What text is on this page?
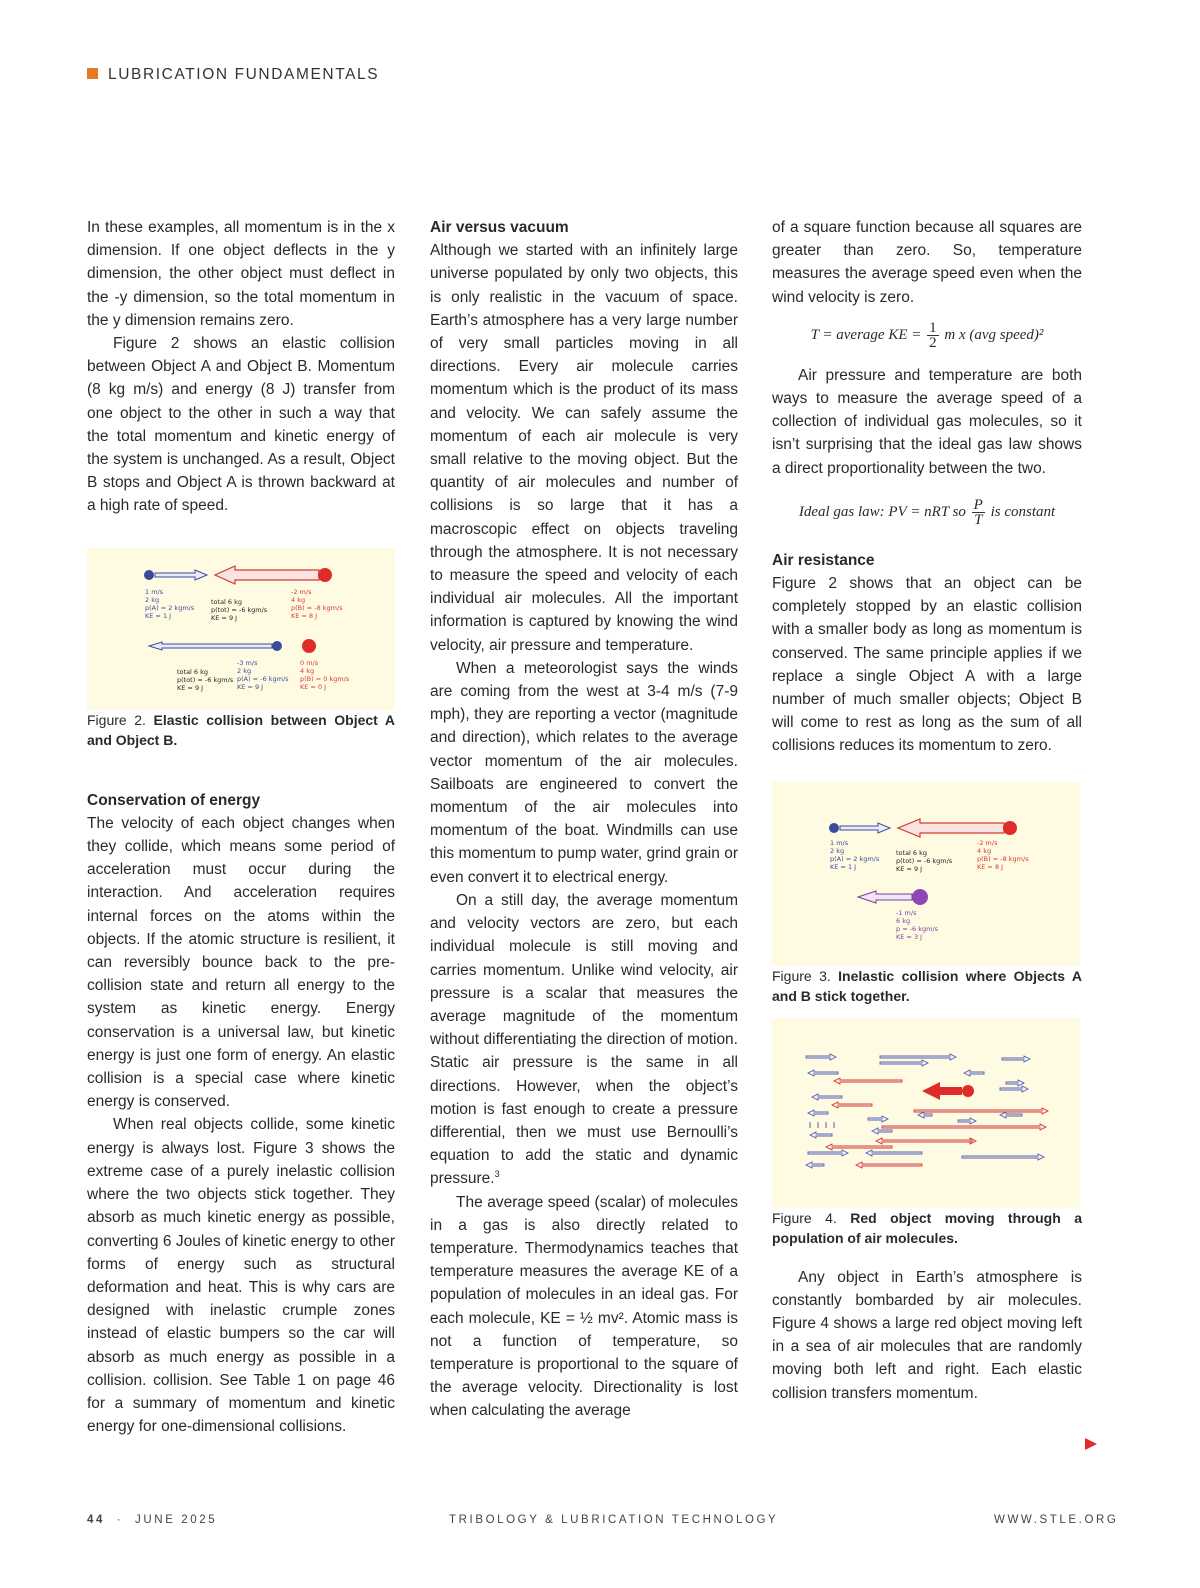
LUBRICATION FUNDAMENTALS

In these examples, all momentum is in the x dimension. If one object deflects in the y dimension, the other object must deflect in the -y dimension, so the total momentum in the y dimension remains zero.

Figure 2 shows an elastic collision between Object A and Object B. Momentum (8 kg m/s) and energy (8 J) transfer from one object to the other in such a way that the total momentum and kinetic energy of the system is unchanged. As a result, Object B stops and Object A is thrown backward at a high rate of speed.

1 m/s
2 kg
p(A) = 2 kgm/s
KE = 1 J
total 6 kg
p(tot) = -6 kgm/s
KE = 9 J
-2 m/s
4 kg
p(B) = -8 kgm/s
KE = 8 J
total 6 kg
p(tot) = -6 kgm/s
KE = 9 J
-3 m/s
2 kg
p(A) = -6 kgm/s
KE = 9 J
0 m/s
4 kg
p(B) = 0 kgm/s
KE = 0 J

Figure 2. Elastic collision between Object A and Object B.

Conservation of energy

The velocity of each object changes when they collide, which means some period of acceleration must occur during the interaction. And acceleration requires internal forces on the atoms within the objects. If the atomic structure is resilient, it can reversibly bounce back to the pre-collision state and return all energy to the system as kinetic energy. Energy conservation is a universal law, but kinetic energy is just one form of energy. An elastic collision is a special case where kinetic energy is conserved.

When real objects collide, some kinetic energy is always lost. Figure 3 shows the extreme case of a purely inelastic collision where the two objects stick together. They absorb as much kinetic energy as possible, converting 6 Joules of kinetic energy to other forms of energy such as structural deformation and heat. This is why cars are designed with inelastic crumple zones instead of elastic bumpers so the car will absorb as much energy as possible in a collision. collision. See Table 1 on page 46 for a summary of momentum and kinetic energy for one-dimensional collisions.

Air versus vacuum

Although we started with an infinitely large universe populated by only two objects, this is only realistic in the vacuum of space. Earth’s atmosphere has a very large number of very small particles moving in all directions. Every air molecule carries momentum which is the product of its mass and velocity. We can safely assume the momentum of each air molecule is very small relative to the moving object. But the quantity of air molecules and number of collisions is so large that it has a macroscopic effect on objects traveling through the atmosphere. It is not necessary to measure the speed and velocity of each individual air molecules. All the important information is captured by knowing the wind velocity, air pressure and temperature.

When a meteorologist says the winds are coming from the west at 3-4 m/s (7-9 mph), they are reporting a vector (magnitude and direction), which relates to the average vector momentum of the air molecules. Sailboats are engineered to convert the momentum of the air molecules into momentum of the boat. Windmills can use this momentum to pump water, grind grain or even convert it to electrical energy.

On a still day, the average momentum and velocity vectors are zero, but each individual molecule is still moving and carries momentum. Unlike wind velocity, air pressure is a scalar that measures the average magnitude of the momentum without differentiating the direction of motion. Static air pressure is the same in all directions. However, when the object’s motion is fast enough to create a pressure differential, then we must use Bernoulli’s equation to add the static and dynamic pressure.$^3$

The average speed (scalar) of molecules in a gas is also directly related to temperature. Thermodynamics teaches that temperature measures the average KE of a population of molecules in an ideal gas. For each molecule, KE = ½ mv². Atomic mass is not a function of temperature, so temperature is proportional to the square of the average velocity. Directionality is lost when calculating the average

of a square function because all squares are greater than zero. So, temperature measures the average speed even when the wind velocity is zero.

T = average KE = $\frac{1}{2}$ m x (avg speed)²

Air pressure and temperature are both ways to measure the average speed of a collection of individual gas molecules, so it isn’t surprising that the ideal gas law shows a direct proportionality between the two.

Ideal gas law: PV = nRT so $\frac{P}{T}$ is constant

Air resistance

Figure 2 shows that an object can be completely stopped by an elastic collision with a smaller body as long as momentum is conserved. The same principle applies if we replace a single Object A with a large number of much smaller objects; Object B will come to rest as long as the sum of all collisions reduces its momentum to zero.

1 m/s
2 kg
p(A) = 2 kgm/s
KE = 1 J
total 6 kg
p(tot) = -6 kgm/s
KE = 9 J
-2 m/s
4 kg
p(B) = -8 kgm/s
KE = 8 J
-1 m/s
6 kg
p = -6 kgm/s
KE = 3 J

Figure 3. Inelastic collision where Objects A and B stick together.

Figure 4. Red object moving through a population of air molecules.

Any object in Earth’s atmosphere is constantly bombarded by air molecules. Figure 4 shows a large red object moving left in a sea of air molecules that are randomly moving both left and right. Each elastic collision transfers momentum.

44 · JUNE 2025	TRIBOLOGY & LUBRICATION TECHNOLOGY	WWW.STLE.ORG
